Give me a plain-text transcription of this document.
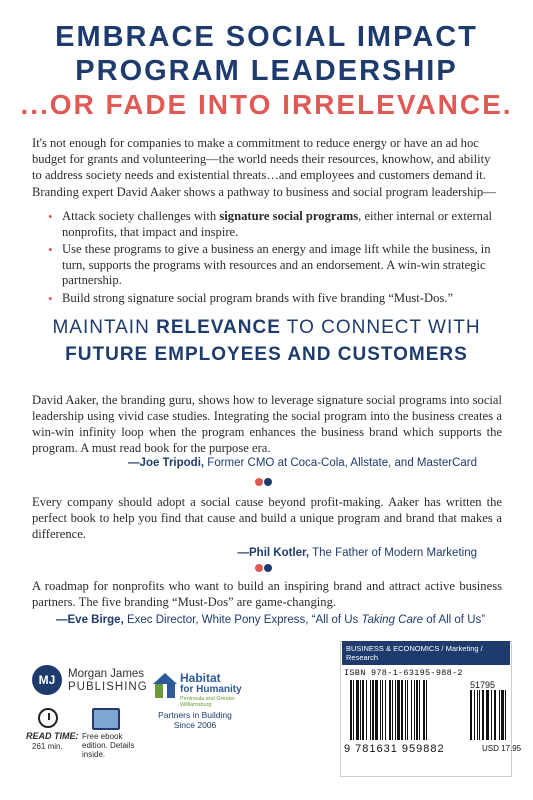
EMBRACE SOCIAL IMPACT
PROGRAM LEADERSHIP
...OR FADE INTO IRRELEVANCE.

It's not enough for companies to make a commitment to reduce energy or have an ad hoc budget for grants and volunteering—the world needs their resources, knowhow, and ability to address society needs and existential threats…and employees and customers demand it.

Branding expert David Aaker shows a pathway to business and social program leadership—

• Attack society challenges with signature social programs, either internal or external nonprofits, that impact and inspire.
• Use these programs to give a business an energy and image lift while the business, in turn, supports the programs with resources and an endorsement. A win-win strategic partnership.
• Build strong signature social program brands with five branding “Must-Dos.”
MAINTAIN RELEVANCE TO CONNECT WITH
FUTURE EMPLOYEES AND CUSTOMERS

David Aaker, the branding guru, shows how to leverage signature social programs into social leadership using vivid case studies. Integrating the social program into the business creates a win-win infinity loop when the program enhances the business brand which supports the program. A must read book for the purpose era.

—Joe Tripodi, Former CMO at Coca-Cola, Allstate, and MasterCard

Every company should adopt a social cause beyond profit-making. Aaker has written the perfect book to help you find that cause and build a unique program and brand that makes a difference.

—Phil Kotler, The Father of Modern Marketing

A roadmap for nonprofits who want to build an inspiring brand and attract active business partners. The five branding “Must-Dos” are game-changing.

—Eve Birge, Exec Director, White Pony Express, “All of Us Taking Care of All of Us”
MJ	Morgan James
PUBLISHING
READ TIME:
261 min.
Free ebook edition. Details inside.
Habitat
for Humanity
Peninsula and Greater Williamsburg
Partners in Building Since 2006
BUSINESS & ECONOMICS / Marketing / Research
ISBN 978-1-63195-988-2
51795
9 781631 959882	USD 17.95
